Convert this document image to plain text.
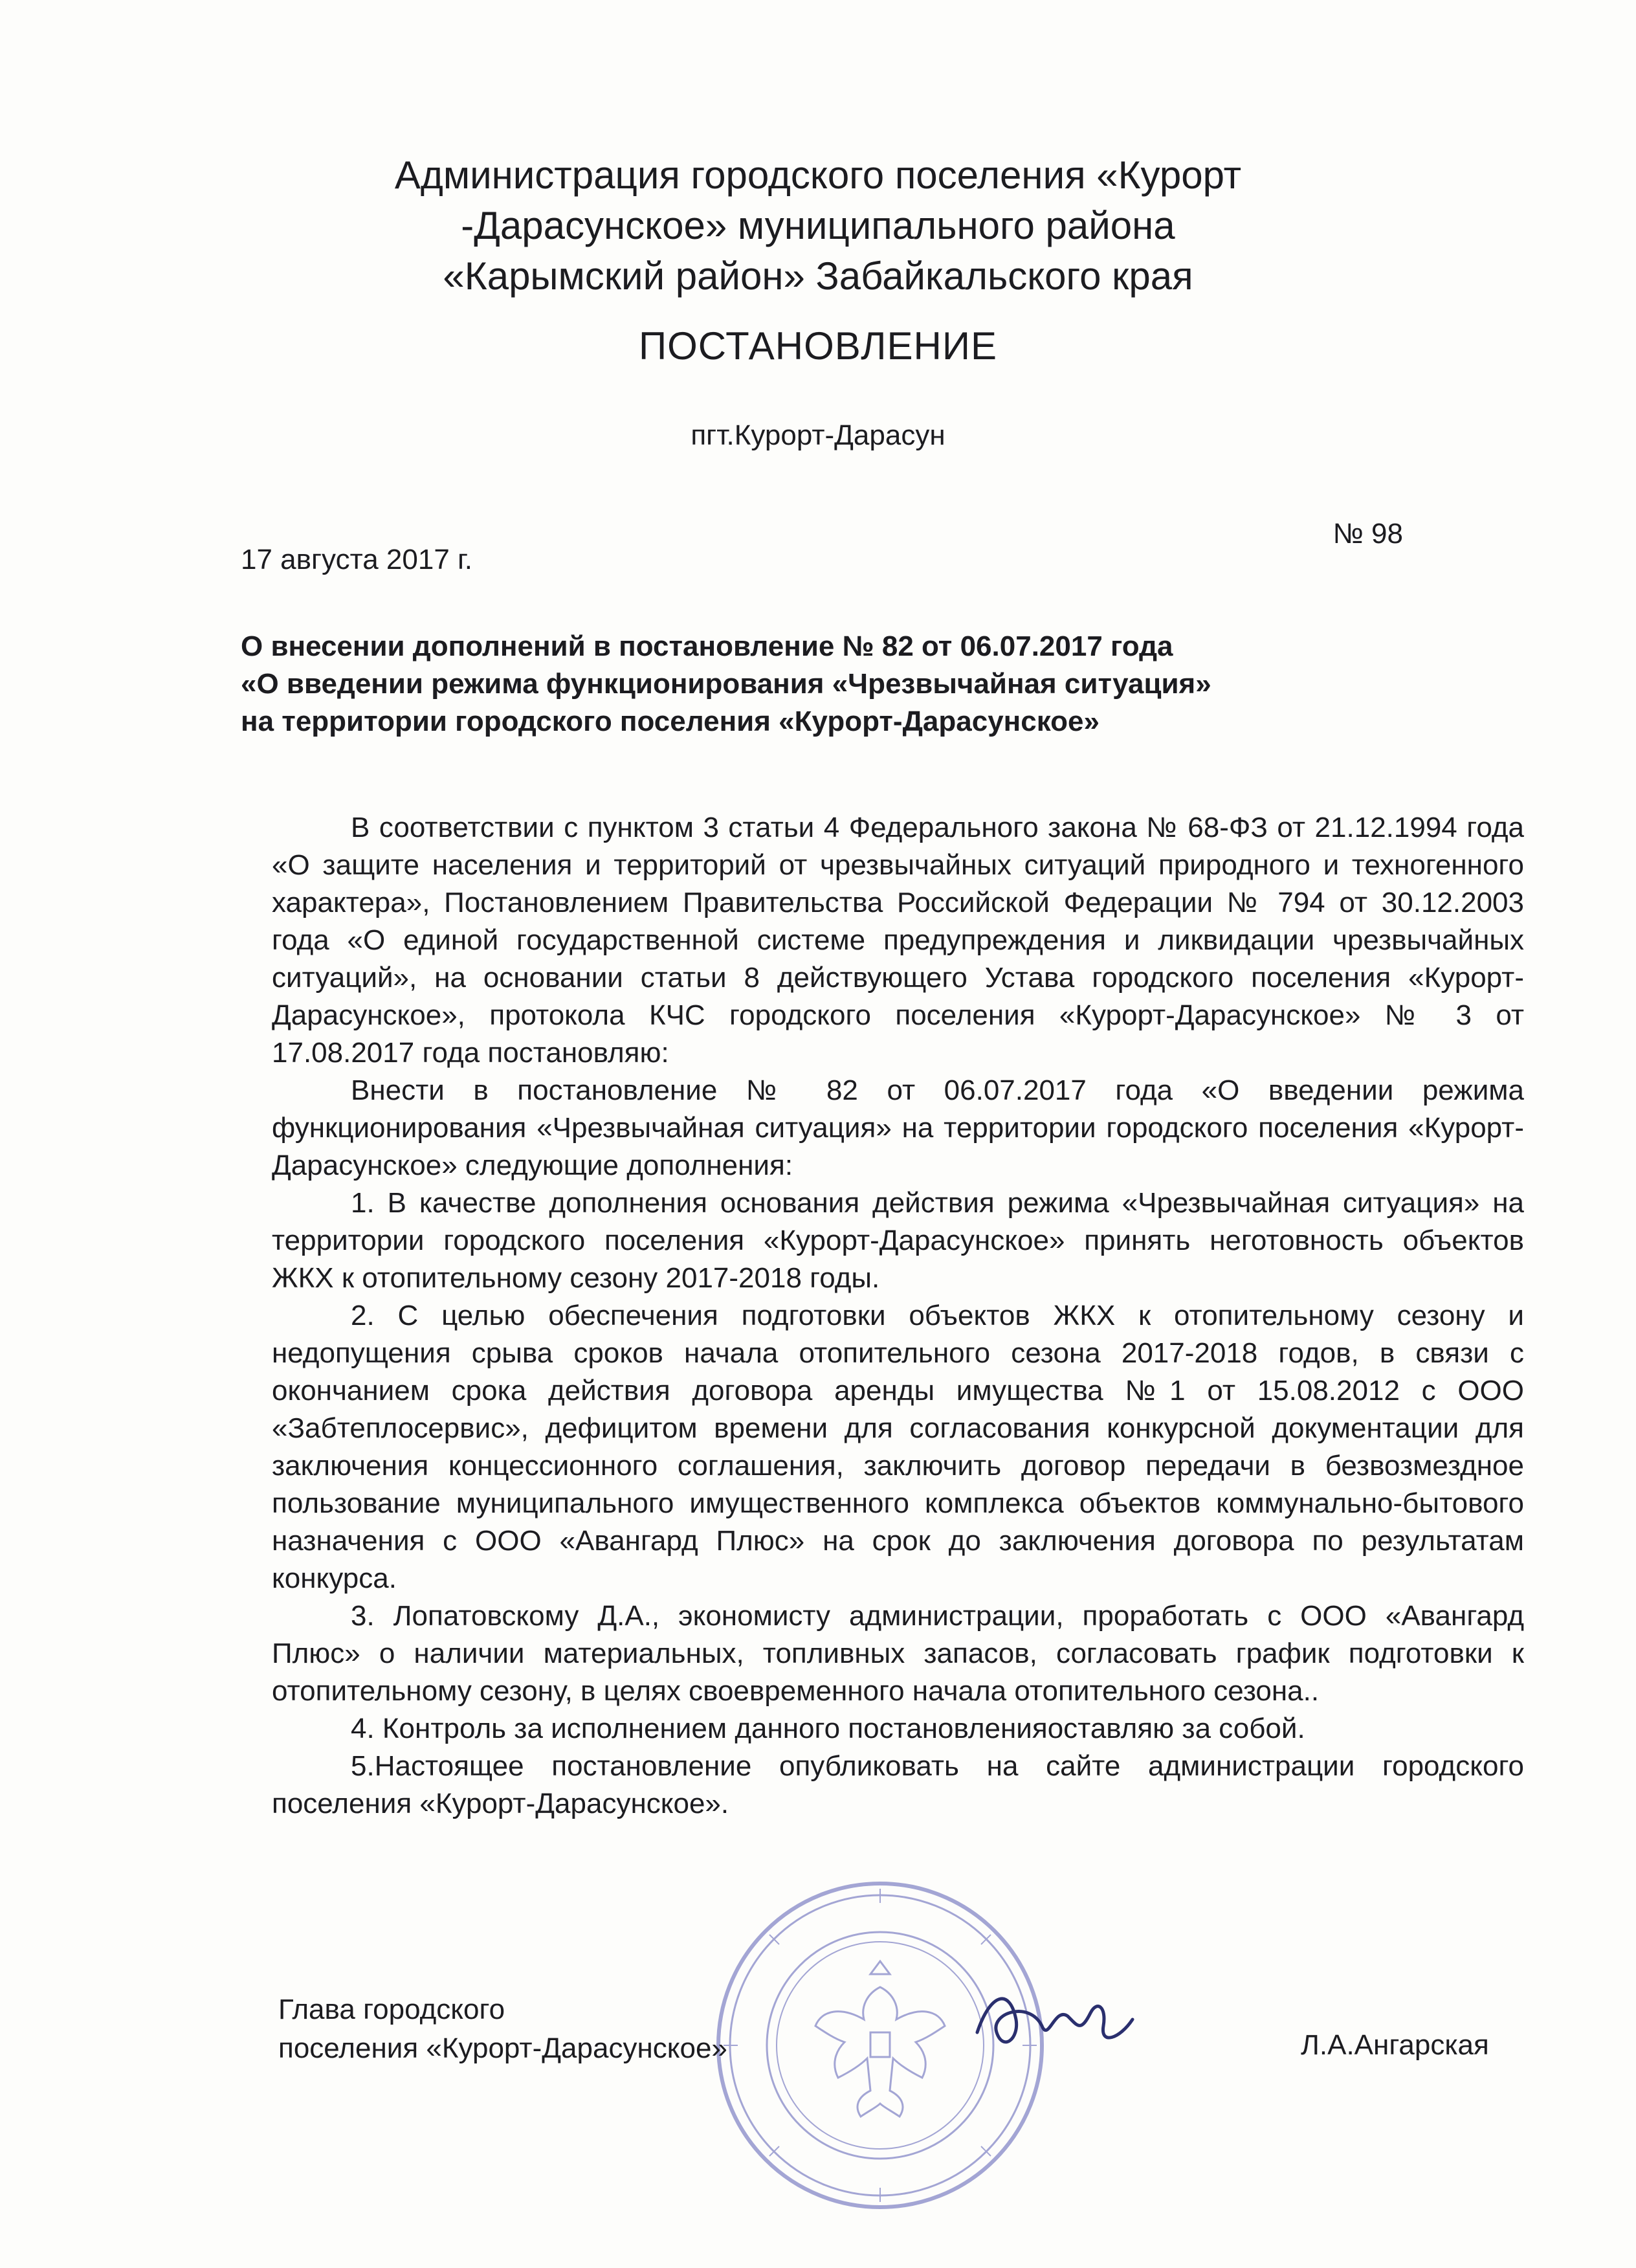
Администрация городского поселения «Курорт
-Дарасунское» муниципального района
«Карымский район» Забайкальского края
ПОСТАНОВЛЕНИЕ
пгт.Курорт-Дарасун
№ 98
17 августа 2017 г.
О внесении дополнений в постановление № 82 от 06.07.2017 года
«О введении режима функционирования «Чрезвычайная ситуация»
на территории городского поселения «Курорт-Дарасунское»

В соответствии с пунктом 3 статьи 4 Федерального закона № 68-ФЗ от 21.12.1994 года «О защите населения и территорий от чрезвычайных ситуаций природного и техногенного характера», Постановлением Правительства Российской Федерации № 794 от 30.12.2003 года «О единой государственной системе предупреждения и ликвидации чрезвычайных ситуаций», на основании статьи 8 действующего Устава городского поселения «Курорт-Дарасунское», протокола КЧС городского поселения «Курорт-Дарасунское» № 3 от 17.08.2017 года постановляю:

Внести в постановление № 82 от 06.07.2017 года «О введении режима функционирования «Чрезвычайная ситуация» на территории городского поселения «Курорт-Дарасунское» следующие дополнения:

1. В качестве дополнения основания действия режима «Чрезвычайная ситуация» на территории городского поселения «Курорт-Дарасунское» принять неготовность объектов ЖКХ к отопительному сезону 2017-2018 годы.

2. С целью обеспечения подготовки объектов ЖКХ к отопительному сезону и недопущения срыва сроков начала отопительного сезона 2017-2018 годов, в связи с окончанием срока действия договора аренды имущества №1 от 15.08.2012 с ООО «Забтеплосервис», дефицитом времени для согласования конкурсной документации для заключения концессионного соглашения, заключить договор передачи в безвозмездное пользование муниципального имущественного комплекса объектов коммунально-бытового назначения с ООО «Авангард Плюс» на срок до заключения договора по результатам конкурса.

3. Лопатовскому Д.А., экономисту администрации, проработать с ООО «Авангард Плюс» о наличии материальных, топливных запасов, согласовать график подготовки к отопительному сезону, в целях своевременного начала отопительного сезона..

4. Контроль за исполнением данного постановленияоставляю за собой.

5.Настоящее постановление опубликовать на сайте администрации городского поселения «Курорт-Дарасунское».

Глава городского
поселения «Курорт-Дарасунское»	Л.А.Ангарская
